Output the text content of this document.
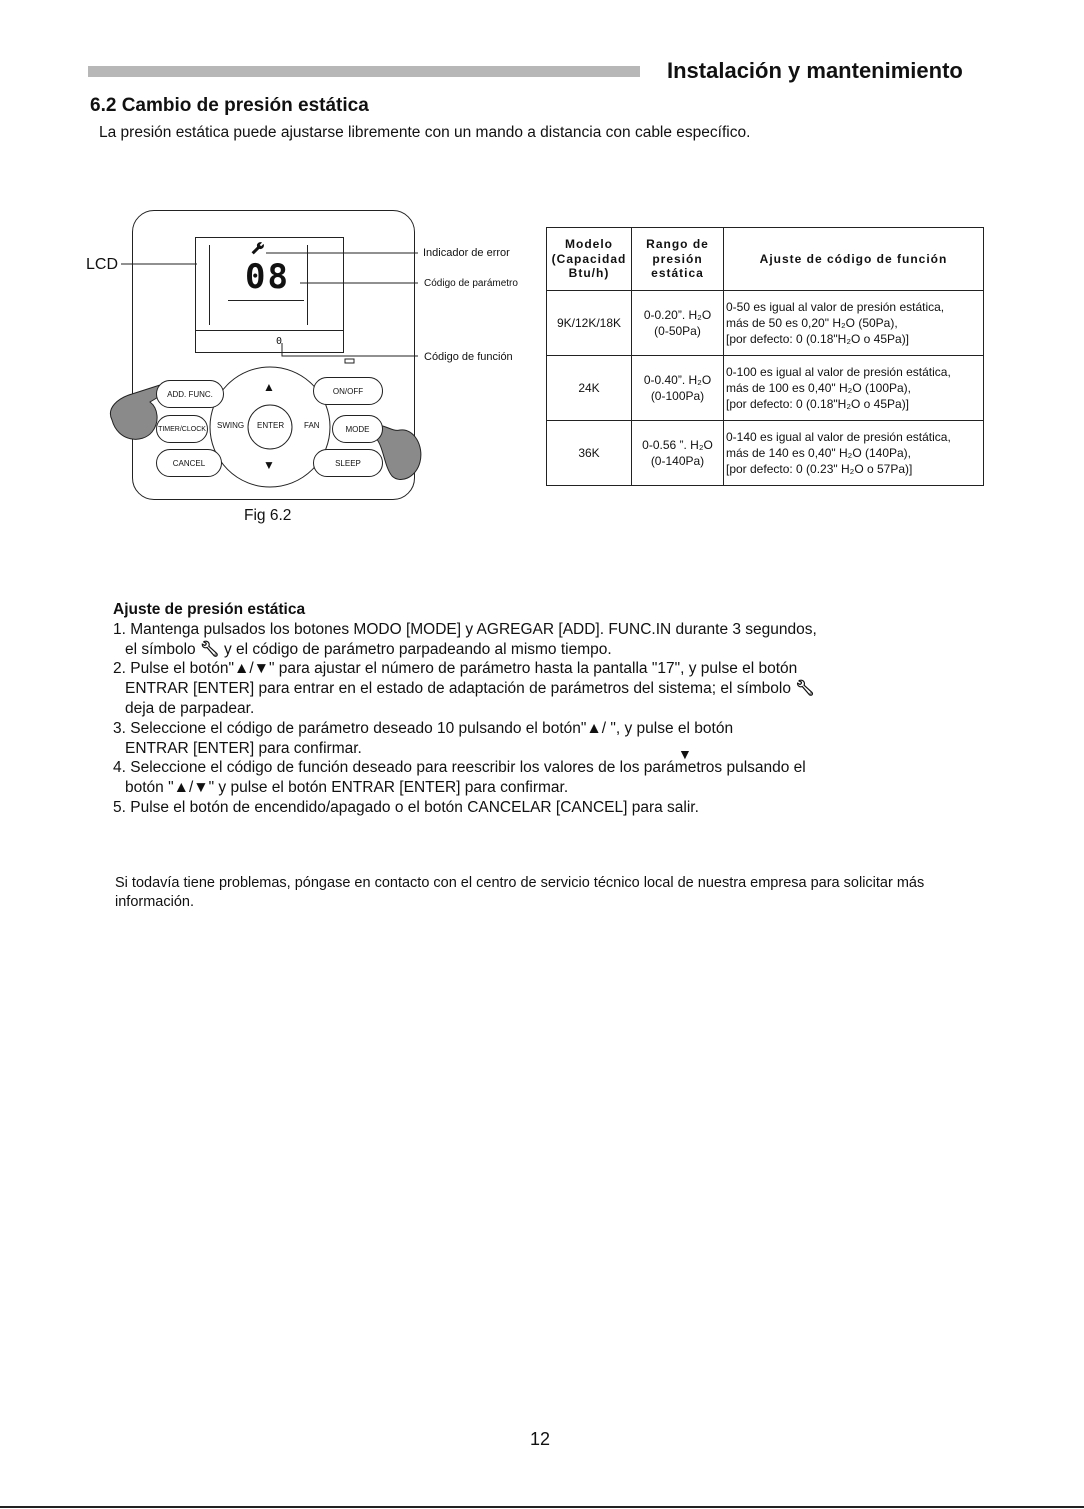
Instalación y mantenimiento
6.2 Cambio de presión estática
La presión estática puede ajustarse libremente con un mando a distancia con cable específico.
LCD	08
0
Indicador de error
Código de parámetro
Código de función
ADD. FUNC.
TIMER/CLOCK
CANCEL
ON/OFF
MODE
SLEEP
SWING ENTER FAN
▲
▼
Fig 6.2
Modelo (Capacidad Btu/h)	Rango de presión estática	Ajuste de código de función
9K/12K/18K	0-0.20”. H₂O (0-50Pa)	0-50 es igual al valor de presión estática,
más de 50 es 0,20" H₂O (50Pa),
[por defecto: 0 (0.18"H₂O o 45Pa)]

24K	0-0.40”. H₂O (0-100Pa)	0-100 es igual al valor de presión estática,
más de 100 es 0,40" H₂O (100Pa),
[por defecto: 0 (0.18"H₂O o 45Pa)]

36K	0-0.56 ”. H₂O (0-140Pa)	0-140 es igual al valor de presión estática,
más de 140 es 0,40" H₂O (140Pa),
[por defecto: 0 (0.23" H₂O o 57Pa)]
Ajuste de presión estática
1. Mantenga pulsados los botones MODO [MODE] y AGREGAR [ADD]. FUNC.IN durante 3 segundos,
el símbolo 🔧︎ y el código de parámetro parpadeando al mismo tiempo.
2. Pulse el botón"▲/▼" para ajustar el número de parámetro hasta la pantalla "17", y pulse el botón
ENTRAR [ENTER] para entrar en el estado de adaptación de parámetros del sistema; el símbolo 🔧︎
deja de parpadear.
3. Seleccione el código de parámetro deseado 10 pulsando el botón"▲/ ", y pulse el botón
ENTRAR [ENTER] para confirmar.	▼
4. Seleccione el código de función deseado para reescribir los valores de los parámetros pulsando el
botón "▲/▼" y pulse el botón ENTRAR [ENTER] para confirmar.
5. Pulse el botón de encendido/apagado o el botón CANCELAR [CANCEL] para salir.
Si todavía tiene problemas, póngase en contacto con el centro de servicio técnico local de nuestra empresa para solicitar más información.
12
